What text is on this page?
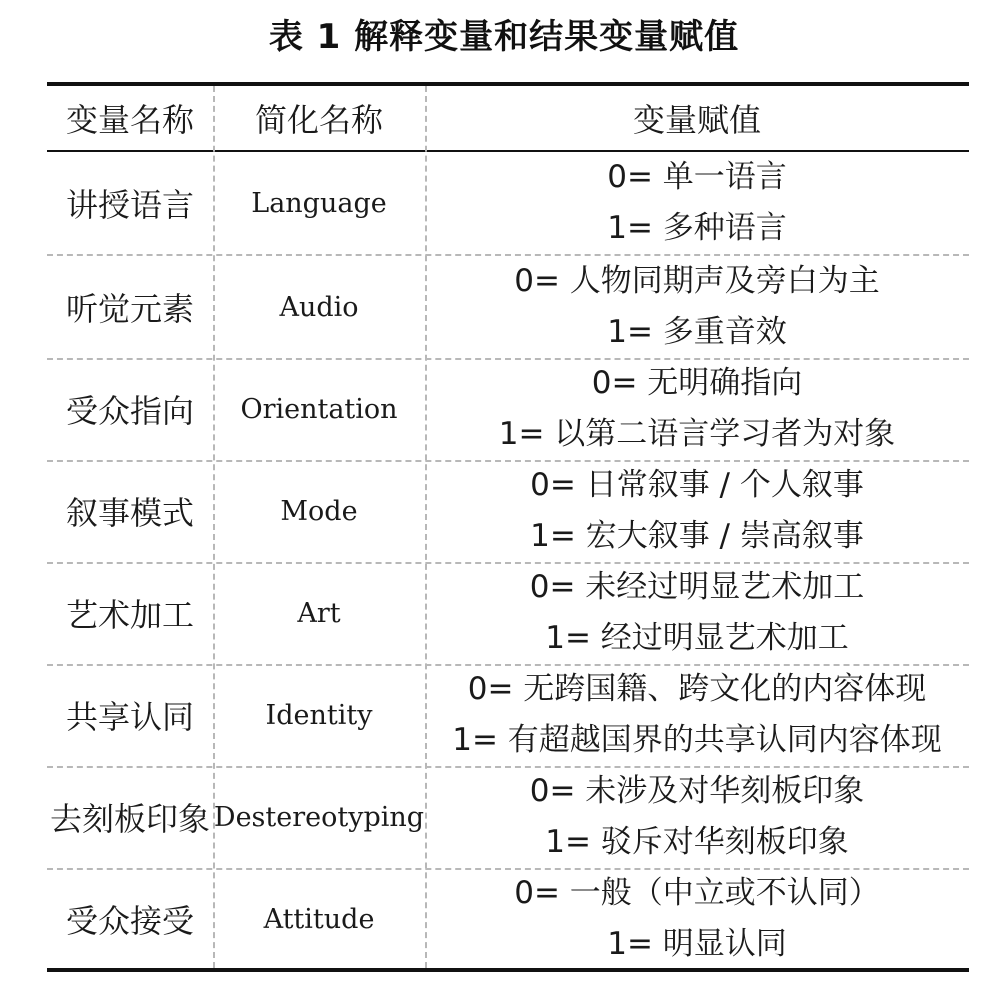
表 1 解释变量和结果变量赋值
变量名称	简化名称	变量赋值
讲授语言 Language
0= 单一语言
1= 多种语言
听觉元素	Audio
0= 人物同期声及旁白为主
1= 多重音效
受众指向 Orientation
0= 无明确指向
1= 以第二语言学习者为对象
叙事模式	Mode
0= 日常叙事 / 个人叙事
1= 宏大叙事 / 崇高叙事
艺术加工	Art
0= 未经过明显艺术加工
1= 经过明显艺术加工
共享认同	Identity
0= 无跨国籍、跨文化的内容体现
1= 有超越国界的共享认同内容体现
去刻板印象 Destereotyping
0= 未涉及对华刻板印象
1= 驳斥对华刻板印象
受众接受	Attitude
0= 一般（中立或不认同）
1= 明显认同
